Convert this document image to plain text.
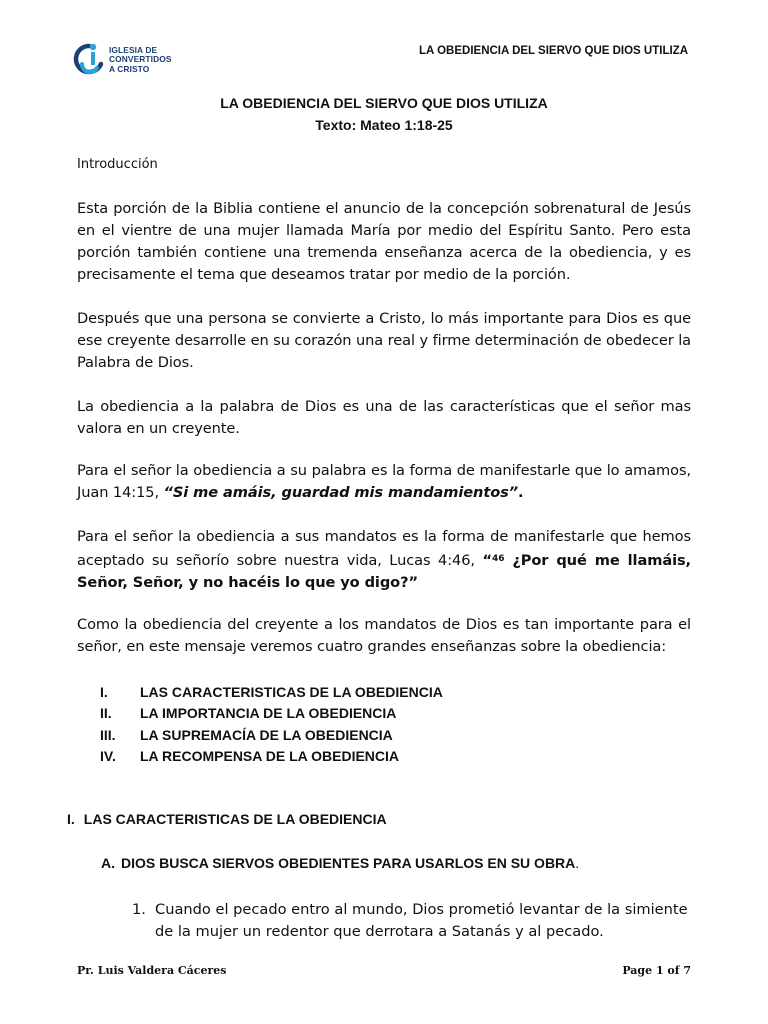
IGLESIA DE
CONVERTIDOS
A CRISTO
LA OBEDIENCIA DEL SIERVO QUE DIOS UTILIZA
LA OBEDIENCIA DEL SIERVO QUE DIOS UTILIZA
Texto: Mateo 1:18-25
Introducción

Esta porción de la Biblia contiene el anuncio de la concepción sobrenatural de Jesús en el vientre de una mujer llamada María por medio del Espíritu Santo. Pero esta porción también contiene una tremenda enseñanza acerca de la obediencia, y es precisamente el tema que deseamos tratar por medio de la porción.

Después que una persona se convierte a Cristo, lo más importante para Dios es que ese creyente desarrolle en su corazón una real y firme determinación de obedecer la Palabra de Dios.

La obediencia a la palabra de Dios es una de las características que el señor mas valora en un creyente.

Para el señor la obediencia a su palabra es la forma de manifestarle que lo amamos, Juan 14:15, “Si me amáis, guardad mis mandamientos”.

Para el señor la obediencia a sus mandatos es la forma de manifestarle que hemos aceptado su señorío sobre nuestra vida, Lucas 4:46, “$^{46}$ ¿Por qué me llamáis, Señor, Señor, y no hacéis lo que yo digo?”

Como la obediencia del creyente a los mandatos de Dios es tan importante para el señor, en este mensaje veremos cuatro grandes enseñanzas sobre la obediencia:

I.	LAS CARACTERISTICAS DE LA OBEDIENCIA
II.	LA IMPORTANCIA DE LA OBEDIENCIA
III.	LA SUPREMACÍA DE LA OBEDIENCIA
IV.	LA RECOMPENSA DE LA OBEDIENCIA
I. LAS CARACTERISTICAS DE LA OBEDIENCIA
A. DIOS BUSCA SIERVOS OBEDIENTES PARA USARLOS EN SU OBRA.
1. Cuando el pecado entro al mundo, Dios prometió levantar de la simiente de la mujer un redentor que derrotara a Satanás y al pecado.
Pr. Luis Valdera Cáceres	Page 1 of 7
